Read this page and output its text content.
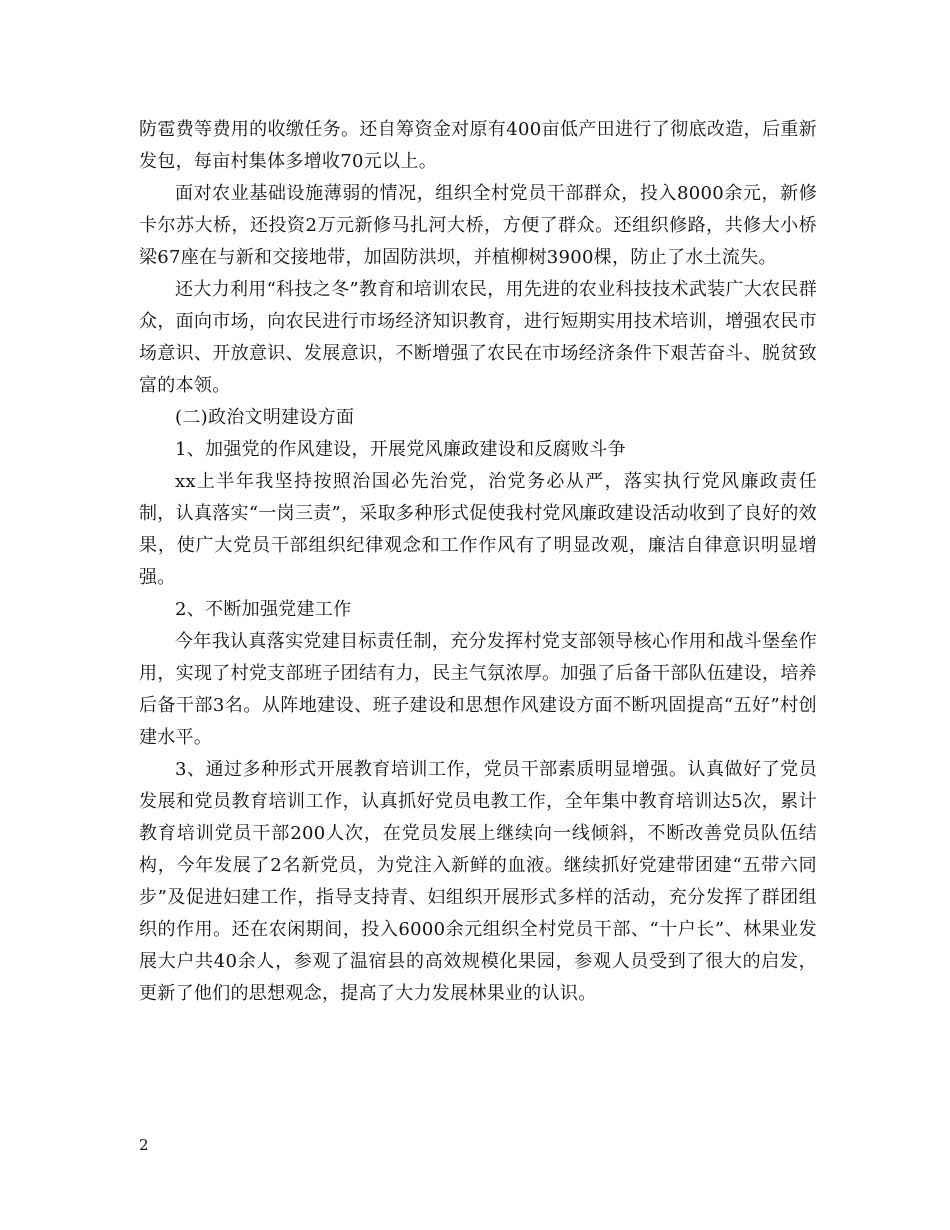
防雹费等费用的收缴任务。还自筹资金对原有400亩低产田进行了彻底改造，后重新发包，每亩村集体多增收70元以上。

面对农业基础设施薄弱的情况，组织全村党员干部群众，投入8000余元，新修卡尔苏大桥，还投资2万元新修马扎河大桥，方便了群众。还组织修路，共修大小桥梁67座在与新和交接地带，加固防洪坝，并植柳树3900棵，防止了水土流失。

还大力利用“科技之冬”教育和培训农民，用先进的农业科技技术武装广大农民群众，面向市场，向农民进行市场经济知识教育，进行短期实用技术培训，增强农民市场意识、开放意识、发展意识，不断增强了农民在市场经济条件下艰苦奋斗、脱贫致富的本领。

(二)政治文明建设方面

1、加强党的作风建设，开展党风廉政建设和反腐败斗争

xx上半年我坚持按照治国必先治党，治党务必从严，落实执行党风廉政责任制，认真落实“一岗三责”，采取多种形式促使我村党风廉政建设活动收到了良好的效果，使广大党员干部组织纪律观念和工作作风有了明显改观，廉洁自律意识明显增强。

2、不断加强党建工作

今年我认真落实党建目标责任制，充分发挥村党支部领导核心作用和战斗堡垒作用，实现了村党支部班子团结有力，民主气氛浓厚。加强了后备干部队伍建设，培养后备干部3名。从阵地建设、班子建设和思想作风建设方面不断巩固提高“五好”村创建水平。

3、通过多种形式开展教育培训工作，党员干部素质明显增强。认真做好了党员发展和党员教育培训工作，认真抓好党员电教工作，全年集中教育培训达5次，累计教育培训党员干部200人次，在党员发展上继续向一线倾斜，不断改善党员队伍结构，今年发展了2名新党员，为党注入新鲜的血液。继续抓好党建带团建“五带六同步”及促进妇建工作，指导支持青、妇组织开展形式多样的活动，充分发挥了群团组织的作用。还在农闲期间，投入6000余元组织全村党员干部、“十户长”、林果业发展大户共40余人，参观了温宿县的高效规模化果园，参观人员受到了很大的启发，更新了他们的思想观念，提高了大力发展林果业的认识。

2
